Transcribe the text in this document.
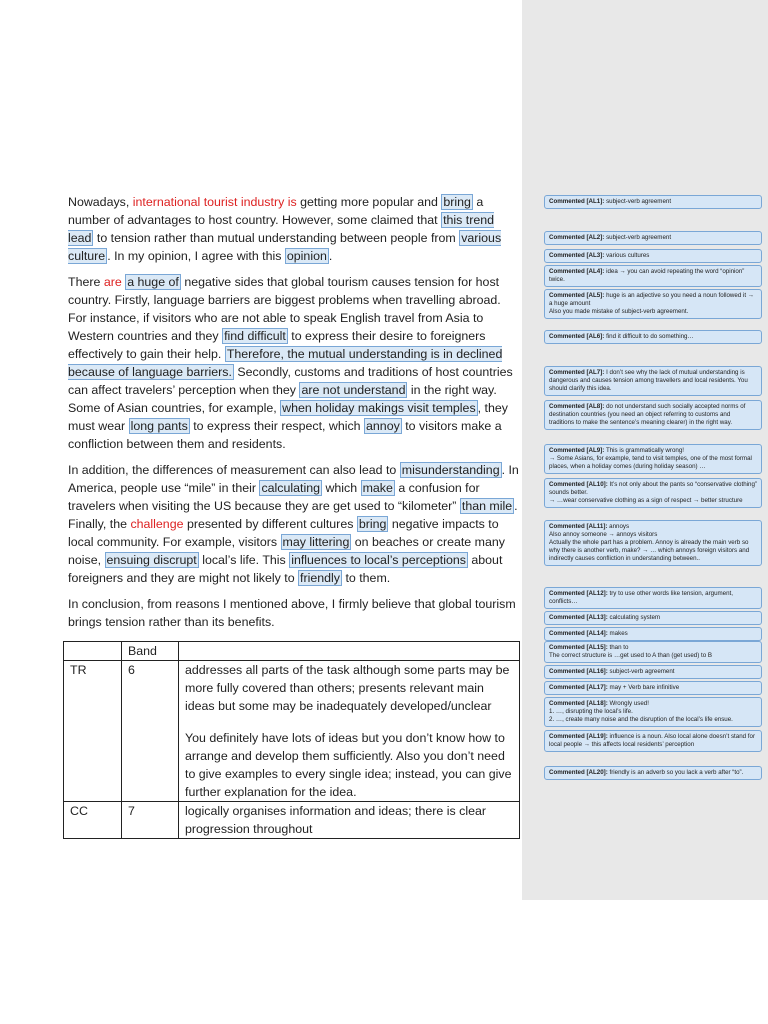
Nowadays, international tourist industry is getting more popular and bring a number of advantages to host country. However, some claimed that this trend lead to tension rather than mutual understanding between people from various culture . In my opinion, I agree with this opinion .

There are a huge of negative sides that global tourism causes tension for host country. Firstly, language barriers are biggest problems when travelling abroad. For instance, if visitors who are not able to speak English travel from Asia to Western countries and they find difficult to express their desire to foreigners effectively to gain their help. Therefore, the mutual understanding is in declined because of language barriers. Secondly, customs and traditions of host countries can affect travelers’ perception when they are not understand in the right way. Some of Asian countries, for example, when holiday makings visit temples , they must wear long pants to express their respect, which annoy to visitors make a confliction between them and residents.

In addition, the differences of measurement can also lead to misunderstanding . In America, people use “mile” in their calculating which make a confusion for travelers when visiting the US because they are get used to “kilometer” than mile . Finally, the challenge presented by different cultures bring negative impacts to local community. For example, visitors may littering on beaches or create many noise, ensuing discrupt local’s life. This influences to local’s perceptions about foreigners and they are might not likely to friendly to them.

In conclusion, from reasons I mentioned above, I firmly believe that global tourism brings tension rather than its benefits.

	Band	
TR	6	addresses all parts of the task although some parts may be more fully covered than others; presents relevant main ideas but some may be inadequately developed/unclear
You definitely have lots of ideas but you don’t know how to arrange and develop them sufficiently. Also you don’t need to give examples to every single idea; instead, you can give further explanation for the idea.

CC	7	logically organises information and ideas; there is clear progression throughout
Commented [AL1]: subject-verb agreement
Commented [AL2]: subject-verb agreement
Commented [AL3]: various cultures
Commented [AL4]: idea → you can avoid repeating the word “opinion” twice.
Commented [AL5]: huge is an adjective so you need a noun followed it → a huge amount
Also you made mistake of subject-verb agreement.
Commented [AL6]: find it difficult to do something…
Commented [AL7]: I don’t see why the lack of mutual understanding is dangerous and causes tension among travellers and local residents. You should clarify this idea.
Commented [AL8]: do not understand such socially accepted norms of destination countries (you need an object referring to customs and traditions to make the sentence’s meaning clearer) in the right way.
Commented [AL9]: This is grammatically wrong!
→ Some Asians, for example, tend to visit temples, one of the most formal places, when a holiday comes (during holiday season) …
Commented [AL10]: It’s not only about the pants so “conservative clothing” sounds better.
→ …wear conservative clothing as a sign of respect → better structure
Commented [AL11]: annoys
Also annoy someone → annoys visitors
Actually the whole part has a problem. Annoy is already the main verb so why there is another verb, make? → … which annoys foreign visitors and indirectly causes confliction in understanding between..
Commented [AL12]: try to use other words like tension, argument, conflicts…
Commented [AL13]: calculating system
Commented [AL14]: makes
Commented [AL15]: than to
The correct structure is …get used to A than (get used) to B
Commented [AL16]: subject-verb agreement
Commented [AL17]: may + Verb bare infinitive
Commented [AL18]: Wrongly used!
1. …, disrupting the local’s life.
2. …, create many noise and the disruption of the local’s life ensue.
Commented [AL19]: influence is a noun. Also local alone doesn’t stand for local people → this affects local residents’ perception
Commented [AL20]: friendly is an adverb so you lack a verb after “to”.
